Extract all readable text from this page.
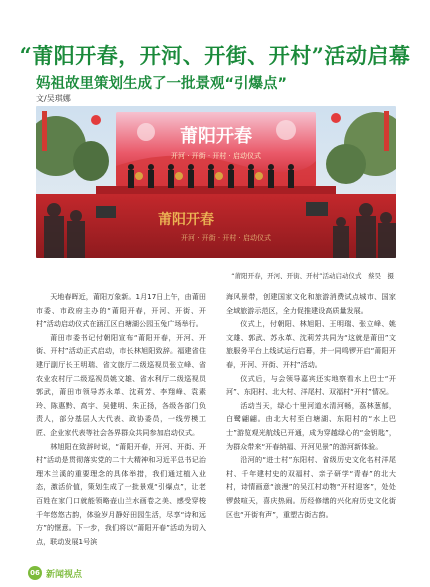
“莆阳开春，开河、开街、开村”活动启幕
妈祖故里策划生成了一批景观“引爆点”
文/吴琪娜
莆阳开春
开河 · 开街 · 开村 · 启动仪式
莆阳开春
开河 · 开街 · 开村 · 启动仪式
“莆阳开春，开河、开街、开村”活动启动仪式　蔡昊　摄

天地春晖近，莆阳万象新。1月17日上午，由莆田市委、市政府主办的“莆阳开春，开河、开街、开村”活动启动仪式在涵江区白塘湖公园玉兔广场举行。

莆田市委书记付朝阳宣布“莆阳开春，开河、开街、开村”活动正式启动，市长林旭阳致辞。福建省住建厅副厅长王明瑞、省文旅厅二级巡视员张立峰、省农业农村厅二级巡视员姚文雄、省水利厅二级巡视员郭武，莆田市领导苏永革、沈莉芳、李翔峰、袁素玲、陈惠黔、高宇、吴健明、朱正扬，各级各部门负责人，部分基层人大代表、政协委员，一线劳模工匠、企业家代表等社会各界群众共同参加启动仪式。

林旭阳在致辞时说，“莆阳开春，开河、开街、开村”活动是贯彻落实党的二十大精神和习近平总书记治理木兰溪的重要理念的具体举措，我们通过植入业态，激活价值，策划生成了一批景观“引爆点”，让老百姓在家门口就能领略壶山兰水画卷之美、感受穿梭千年悠悠古韵，体验岁月静好田园生活，尽享“诗和远方”的惬意。下一步，我们将以“莆阳开春”活动为切入点，联动发展1号滨

海风景带，创建国家文化和旅游消费试点城市、国家全域旅游示范区，全力促推建设高质量发展。

仪式上，付朝阳、林旭阳、王明瑞、张立峰、姚文雄、郭武、苏永革、沈莉芳共同为“这就是莆田”文旅服务平台上线试运行启幕，并一同鸣锣开启“莆阳开春，开河、开街、开村”活动。

仪式后，与会领导嘉宾还实地察看水上巴士“开河”、东阳村、北大村、洋尾村、双福村“开村”情况。

活动当天，绿心十里河道水清河畅，荔林葱郁，白鹭翩翩。由北大村至白塘湖、东阳村的“水上巴士”游览观光航线已开通，成为穿越绿心的“金钥匙”，为群众带来“开春纳福、开河见景”的游河新体验。

沿河的“进士村”东阳村、省级历史文化名村洋尾村、千年建村史的双福村、亲子研学“青春”的北大村，诗情画意“浪漫”的吴江村动物“开村迎客”，处处锣鼓喧天，喜庆热闹。历经修缮的兴化府历史文化街区也“开街有声”，重塑古街古韵。

06 新闻视点
